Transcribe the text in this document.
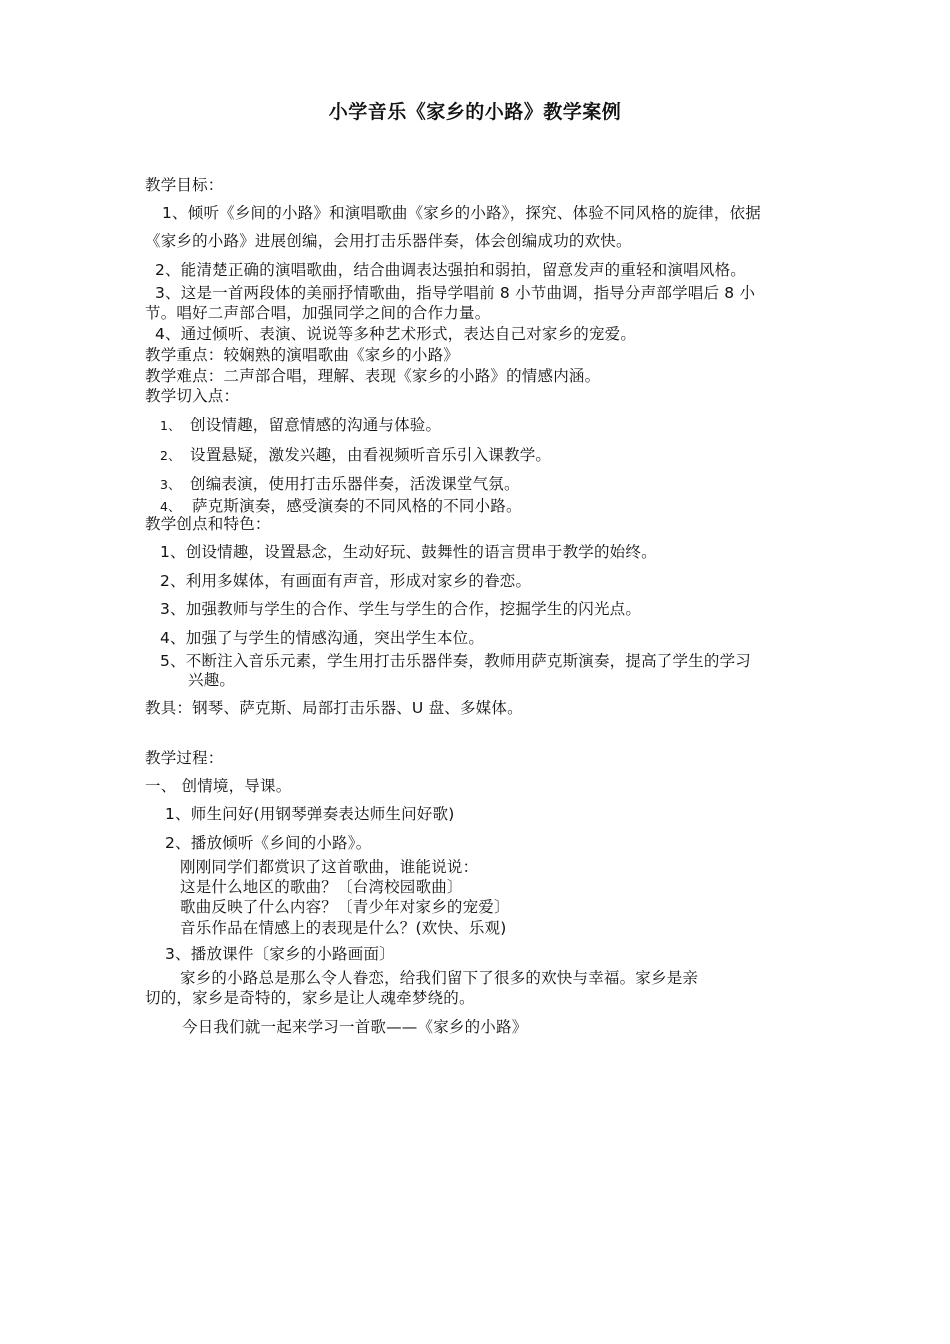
小学音乐《家乡的小路》教学案例
教学目标：
1、倾听《乡间的小路》和演唱歌曲《家乡的小路》，探究、体验不同风格的旋律，依据
《家乡的小路》进展创编，会用打击乐器伴奏，体会创编成功的欢快。
2、能清楚正确的演唱歌曲，结合曲调表达强拍和弱拍，留意发声的重轻和演唱风格。
3、这是一首两段体的美丽抒情歌曲，指导学唱前 8 小节曲调，指导分声部学唱后 8 小
节。唱好二声部合唱，加强同学之间的合作力量。
4、通过倾听、表演、说说等多种艺术形式，表达自己对家乡的宠爱。
教学重点：较娴熟的演唱歌曲《家乡的小路》
教学难点：二声部合唱，理解、表现《家乡的小路》的情感内涵。
教学切入点：
1、 创设情趣，留意情感的沟通与体验。
2、 设置悬疑，激发兴趣，由看视频听音乐引入课教学。
3、 创编表演，使用打击乐器伴奏，活泼课堂气氛。
4、 萨克斯演奏，感受演奏的不同风格的不同小路。
教学创点和特色：
1、创设情趣，设置悬念，生动好玩、鼓舞性的语言贯串于教学的始终。
2、利用多媒体，有画面有声音，形成对家乡的眷恋。
3、加强教师与学生的合作、学生与学生的合作，挖掘学生的闪光点。
4、加强了与学生的情感沟通，突出学生本位。
5、不断注入音乐元素，学生用打击乐器伴奏，教师用萨克斯演奏，提高了学生的学习
兴趣。
教具：钢琴、萨克斯、局部打击乐器、U 盘、多媒体。
教学过程：
一、 创情境，导课。
1、师生问好(用钢琴弹奏表达师生问好歌)
2、播放倾听《乡间的小路》。
刚刚同学们都赏识了这首歌曲，谁能说说：
这是什么地区的歌曲？〔台湾校园歌曲〕
歌曲反映了什么内容？〔青少年对家乡的宠爱〕
音乐作品在情感上的表现是什么？(欢快、乐观)
3、播放课件〔家乡的小路画面〕
家乡的小路总是那么令人眷恋，给我们留下了很多的欢快与幸福。家乡是亲
切的，家乡是奇特的，家乡是让人魂牵梦绕的。
今日我们就一起来学习一首歌——《家乡的小路》
